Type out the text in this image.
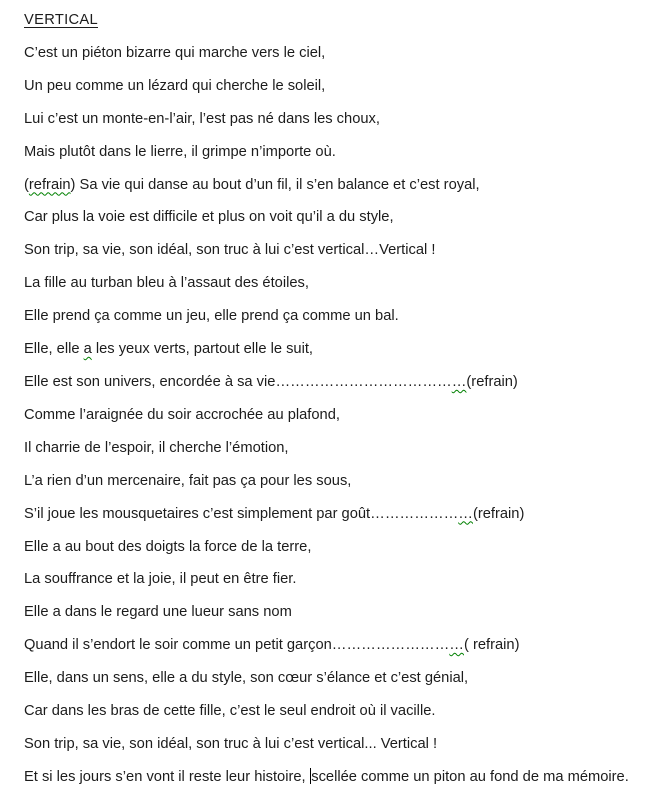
VERTICAL

C’est un piéton bizarre qui marche vers le ciel,

Un peu comme un lézard qui cherche le soleil,

Lui c’est un monte-en-l’air, l’est pas né dans les choux,

Mais plutôt dans le lierre, il grimpe n’importe où.

(refrain) Sa vie qui danse au bout d’un fil, il s’en balance et c’est royal,

Car plus la voie est difficile et plus on voit qu’il a du style,

Son trip, sa vie, son idéal, son truc à lui c’est vertical…Vertical !

La fille au turban bleu à l’assaut des étoiles,

Elle prend ça comme un jeu, elle prend ça comme un bal.

Elle, elle a les yeux verts, partout elle le suit,

Elle est son univers, encordée à sa vie…………………………………(refrain)

Comme l’araignée du soir accrochée au plafond,

Il charrie de l’espoir, il cherche l’émotion,

L’a rien d’un mercenaire, fait pas ça pour les sous,

S’il joue les mousquetaires c’est simplement par goût…………………(refrain)

Elle a au bout des doigts la force de la terre,

La souffrance et la joie, il peut en être fier.

Elle a dans le regard une lueur sans nom

Quand il s’endort le soir comme un petit garçon………………………( refrain)

Elle, dans un sens, elle a du style, son cœur s’élance et c’est génial,

Car dans les bras de cette fille, c’est le seul endroit où il vacille.

Son trip, sa vie, son idéal, son truc à lui c’est vertical... Vertical !

Et si les jours s’en vont il reste leur histoire, scellée comme un piton au fond de ma mémoire.
